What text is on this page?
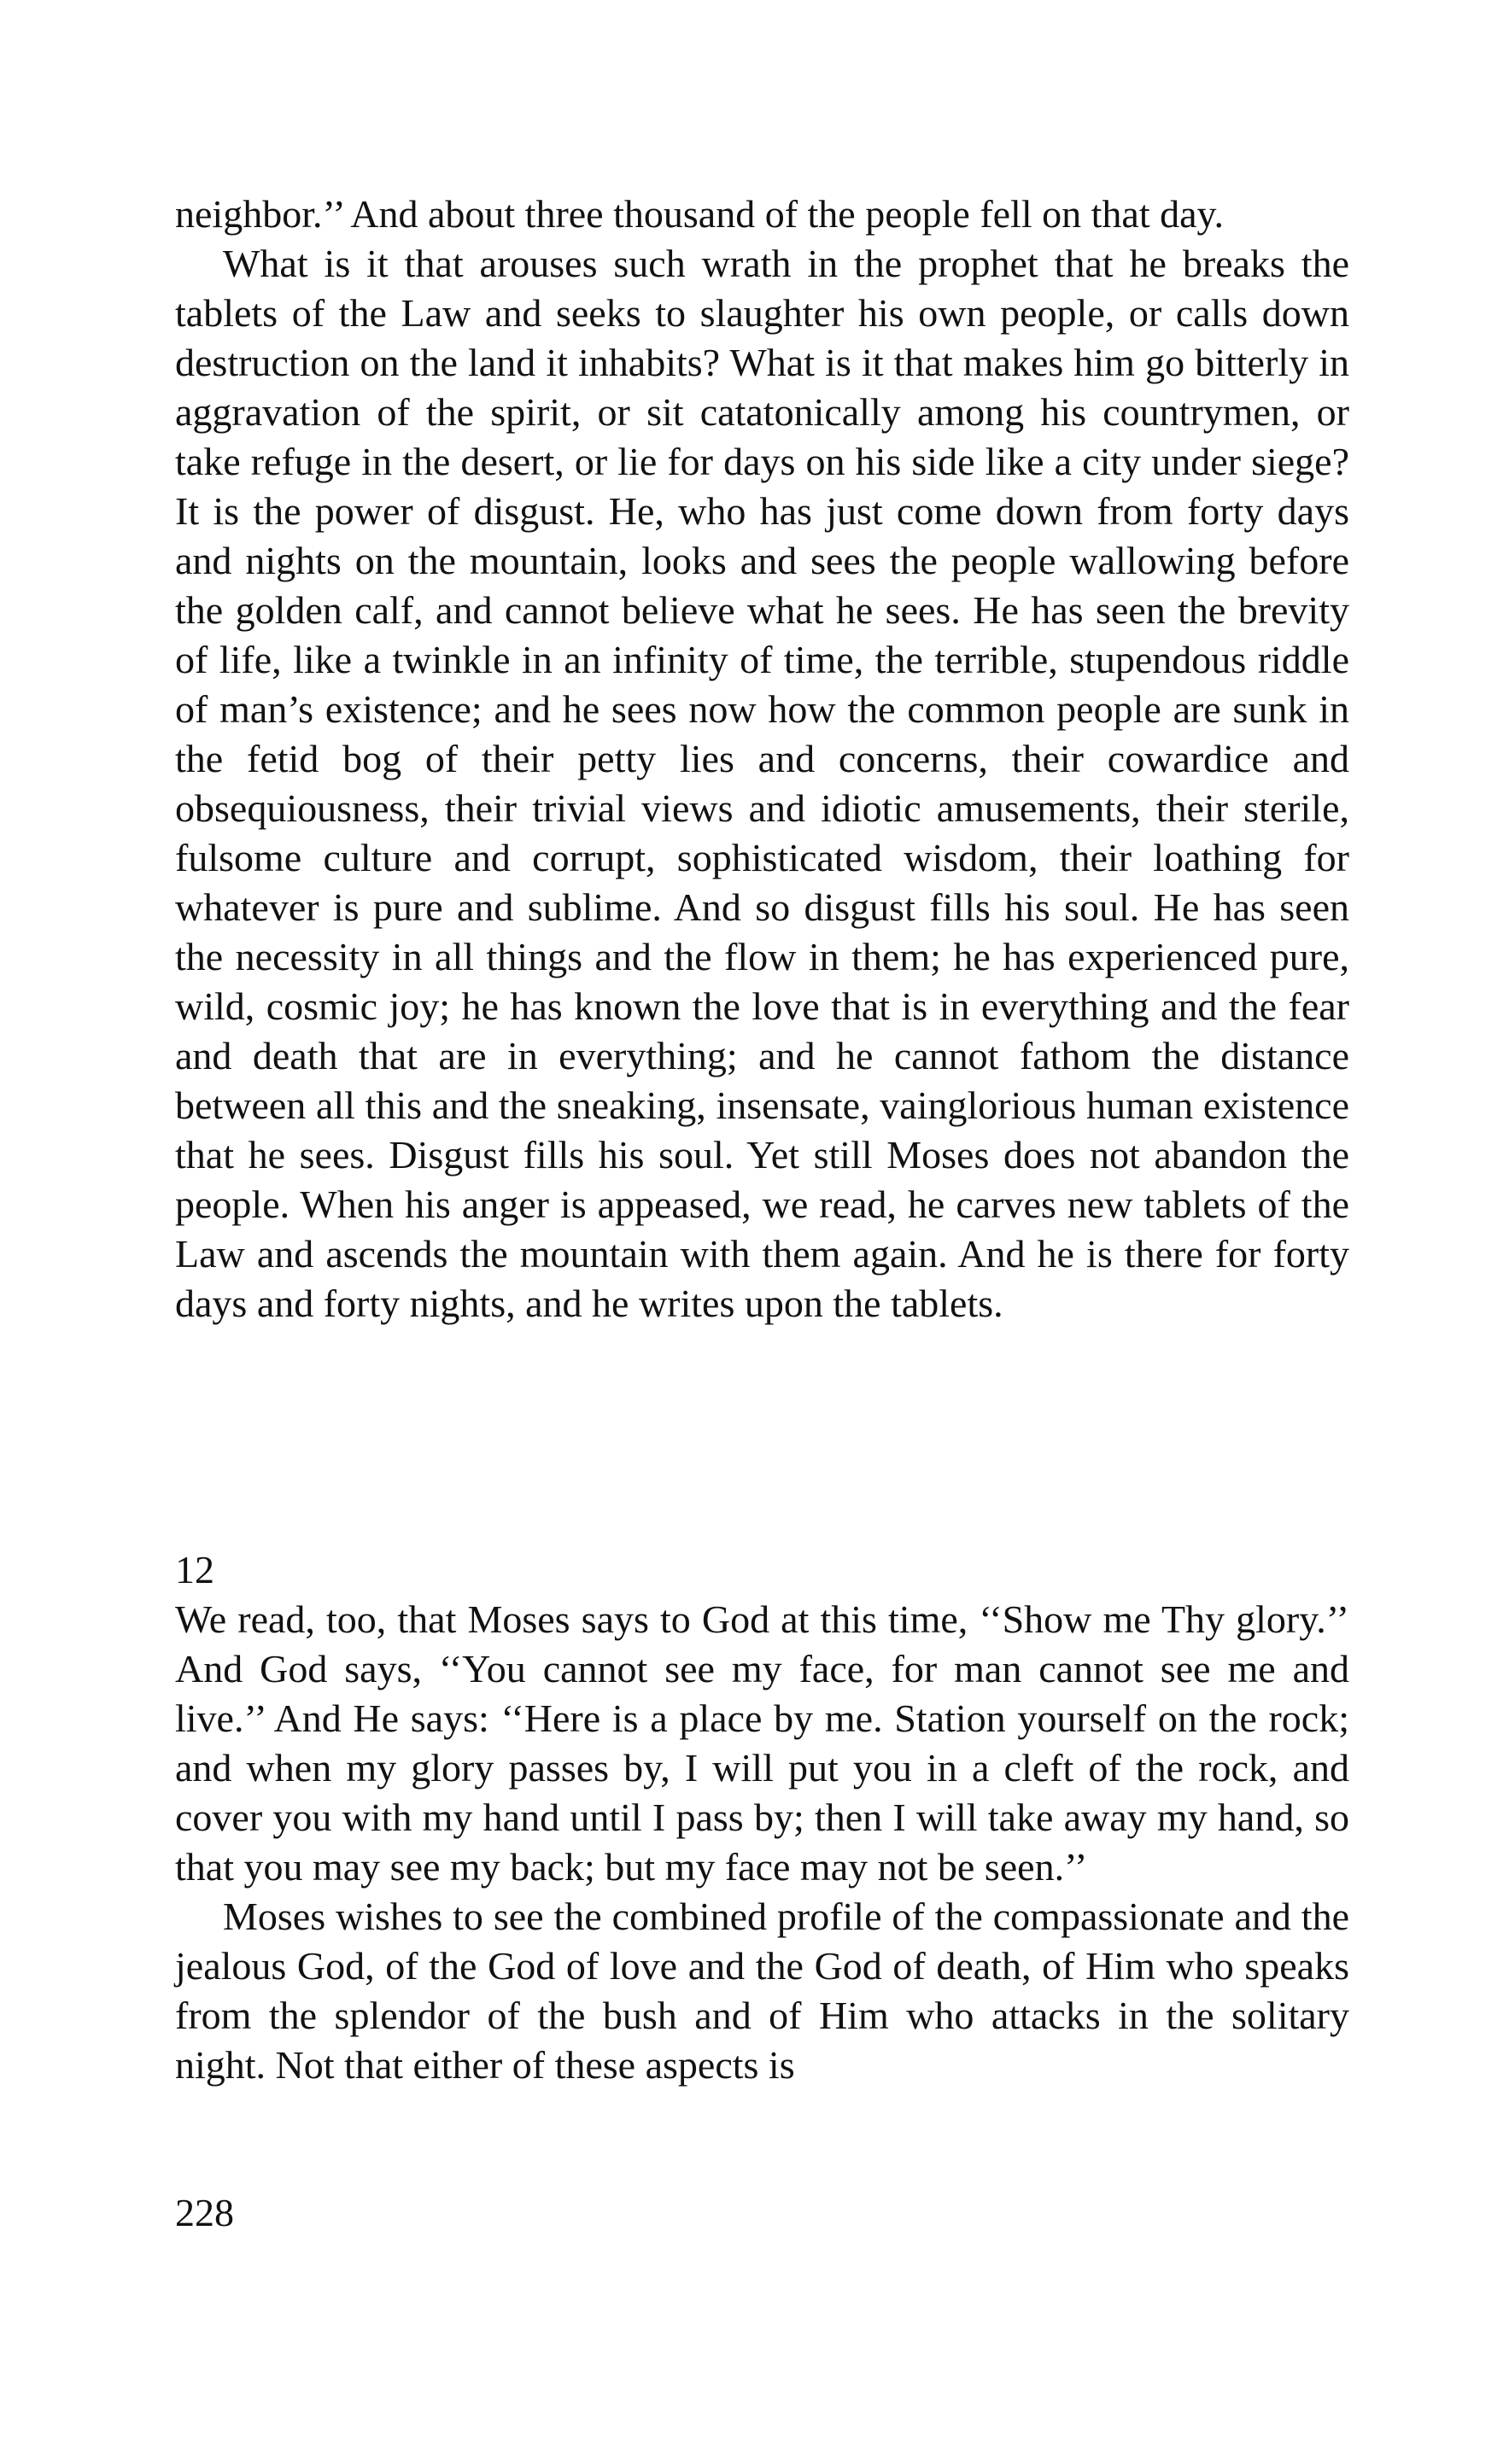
neighbor.’’ And about three thousand of the people fell on that day.

What is it that arouses such wrath in the prophet that he breaks the tablets of the Law and seeks to slaughter his own people, or calls down destruction on the land it inhabits? What is it that makes him go bitterly in aggravation of the spirit, or sit catatonically among his countrymen, or take refuge in the desert, or lie for days on his side like a city under siege? It is the power of disgust. He, who has just come down from forty days and nights on the mountain, looks and sees the people wallowing before the golden calf, and cannot believe what he sees. He has seen the brevity of life, like a twinkle in an infinity of time, the terrible, stupendous riddle of man’s existence; and he sees now how the common people are sunk in the fetid bog of their petty lies and concerns, their cowardice and obsequiousness, their trivial views and idiotic amusements, their sterile, fulsome culture and corrupt, sophisticated wisdom, their loathing for whatever is pure and sublime. And so disgust fills his soul. He has seen the necessity in all things and the flow in them; he has experienced pure, wild, cosmic joy; he has known the love that is in everything and the fear and death that are in everything; and he cannot fathom the distance between all this and the sneaking, insensate, vainglorious human existence that he sees. Disgust fills his soul. Yet still Moses does not abandon the people. When his anger is appeased, we read, he carves new tablets of the Law and ascends the mountain with them again. And he is there for forty days and forty nights, and he writes upon the tablets.

12

We read, too, that Moses says to God at this time, ‘‘Show me Thy glory.’’ And God says, ‘‘You cannot see my face, for man cannot see me and live.’’ And He says: ‘‘Here is a place by me. Station yourself on the rock; and when my glory passes by, I will put you in a cleft of the rock, and cover you with my hand until I pass by; then I will take away my hand, so that you may see my back; but my face may not be seen.’’

Moses wishes to see the combined profile of the compassionate and the jealous God, of the God of love and the God of death, of Him who speaks from the splendor of the bush and of Him who attacks in the solitary night. Not that either of these aspects is

228
